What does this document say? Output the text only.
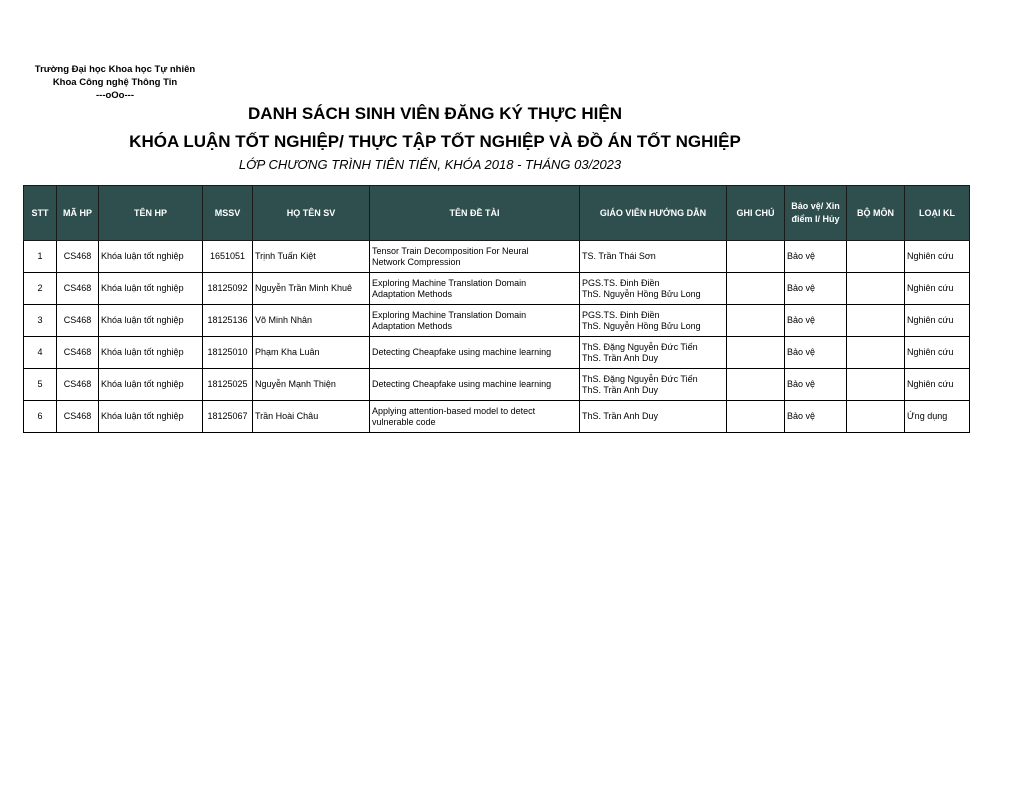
Trường Đại học Khoa học Tự nhiên
Khoa Công nghệ Thông Tin
---oOo---
DANH SÁCH SINH VIÊN ĐĂNG KÝ THỰC HIỆN
KHÓA LUẬN TỐT NGHIỆP/ THỰC TẬP TỐT NGHIỆP VÀ ĐỒ ÁN TỐT NGHIỆP
LỚP CHƯƠNG TRÌNH TIÊN TIẾN, KHÓA 2018 - THÁNG 03/2023
STT	MÃ HP	TÊN HP	MSSV	HỌ TÊN SV	TÊN ĐỀ TÀI	GIÁO VIÊN HƯỚNG DẪN	GHI CHÚ	Bảo vệ/ Xin điểm I/ Hủy	BỘ MÔN	LOẠI KL
1	CS468	Khóa luận tốt nghiệp	1651051	Trịnh Tuấn Kiệt	Tensor Train Decomposition For Neural
Network Compression	TS. Trần Thái Sơn		Bảo vệ		Nghiên cứu
2	CS468	Khóa luận tốt nghiệp	18125092	Nguyễn Trần Minh Khuê	Exploring Machine Translation Domain
Adaptation Methods	PGS.TS. Đinh Điền
ThS. Nguyễn Hồng Bửu Long		Bảo vệ		Nghiên cứu
3	CS468	Khóa luận tốt nghiệp	18125136	Võ Minh Nhân	Exploring Machine Translation Domain
Adaptation Methods	PGS.TS. Đinh Điền
ThS. Nguyễn Hồng Bửu Long		Bảo vệ		Nghiên cứu
4	CS468	Khóa luận tốt nghiệp	18125010	Phạm Kha Luân	Detecting Cheapfake using machine learning	ThS. Đặng Nguyễn Đức Tiến
ThS. Trần Anh Duy		Bảo vệ		Nghiên cứu
5	CS468	Khóa luận tốt nghiệp	18125025	Nguyễn Mạnh Thiện	Detecting Cheapfake using machine learning	ThS. Đặng Nguyễn Đức Tiến
ThS. Trần Anh Duy		Bảo vệ		Nghiên cứu
6	CS468	Khóa luận tốt nghiệp	18125067	Trần Hoài Châu	Applying attention-based model to detect
vulnerable code	ThS. Trần Anh Duy		Bảo vệ		Ứng dụng
